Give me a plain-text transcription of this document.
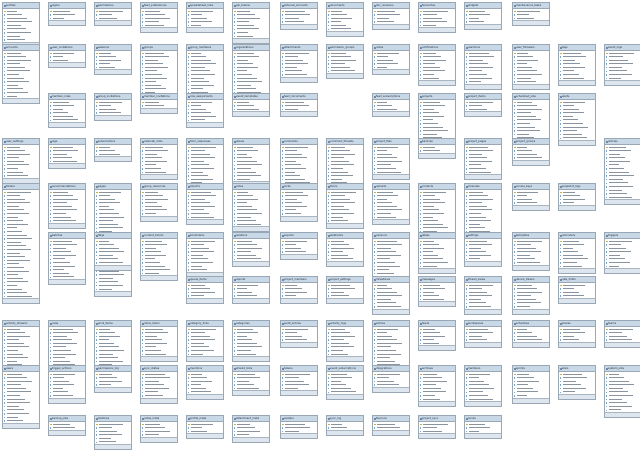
profiles	logins	permissions	feed_preferences	spreadsheet_links	api_tokens	external_accounts	documents	doc_revisions	favourites	widgets	maintenance_tasks
accounts	user_invitations	sessions	groups	group_members	organizations	attachments	permission_groups	notes	notifications	reactions	user_followers	tags	event_logs
member_roles	group_invitations	member_invitations	role_assignments	event_templates	feed_documents	feed_subscriptions	projects	project_items	scheduled_jobs	alerts
user_settings	logs	subscriptions	calendar_links	form_responses	issues	comments	comment_threads	project_files	backups	project_pages	project_groups	articles
folders	recommendations	pages	group_resources	imports	votes	locks	forms	uploads	contacts	channels	access_keys	snapshot_logs
batches	flags	content_blocks	bookmarks	relations	exports	webhooks	versions	labels	settings	templates	reminders	triggers
queue_items	reports	project_members	project_settings	milestones	messages	thread_views	device_tokens	rate_limits
activity_streams	roles	work_items	inbox_items	category_links	categories	audit_entries	activity_logs	entries	feeds	workspaces	schedules	shares	teams
users	trigger_actions	permissions_log	sync_states	mentions	shared_links	tokens	event_subscriptions	integrations	archives	members	sprints	stars	system_jobs
backup_jobs	histories	notes_meta	profile_meta	attachment_meta	avatars	sync_log	favicons	project_sync	hooks
